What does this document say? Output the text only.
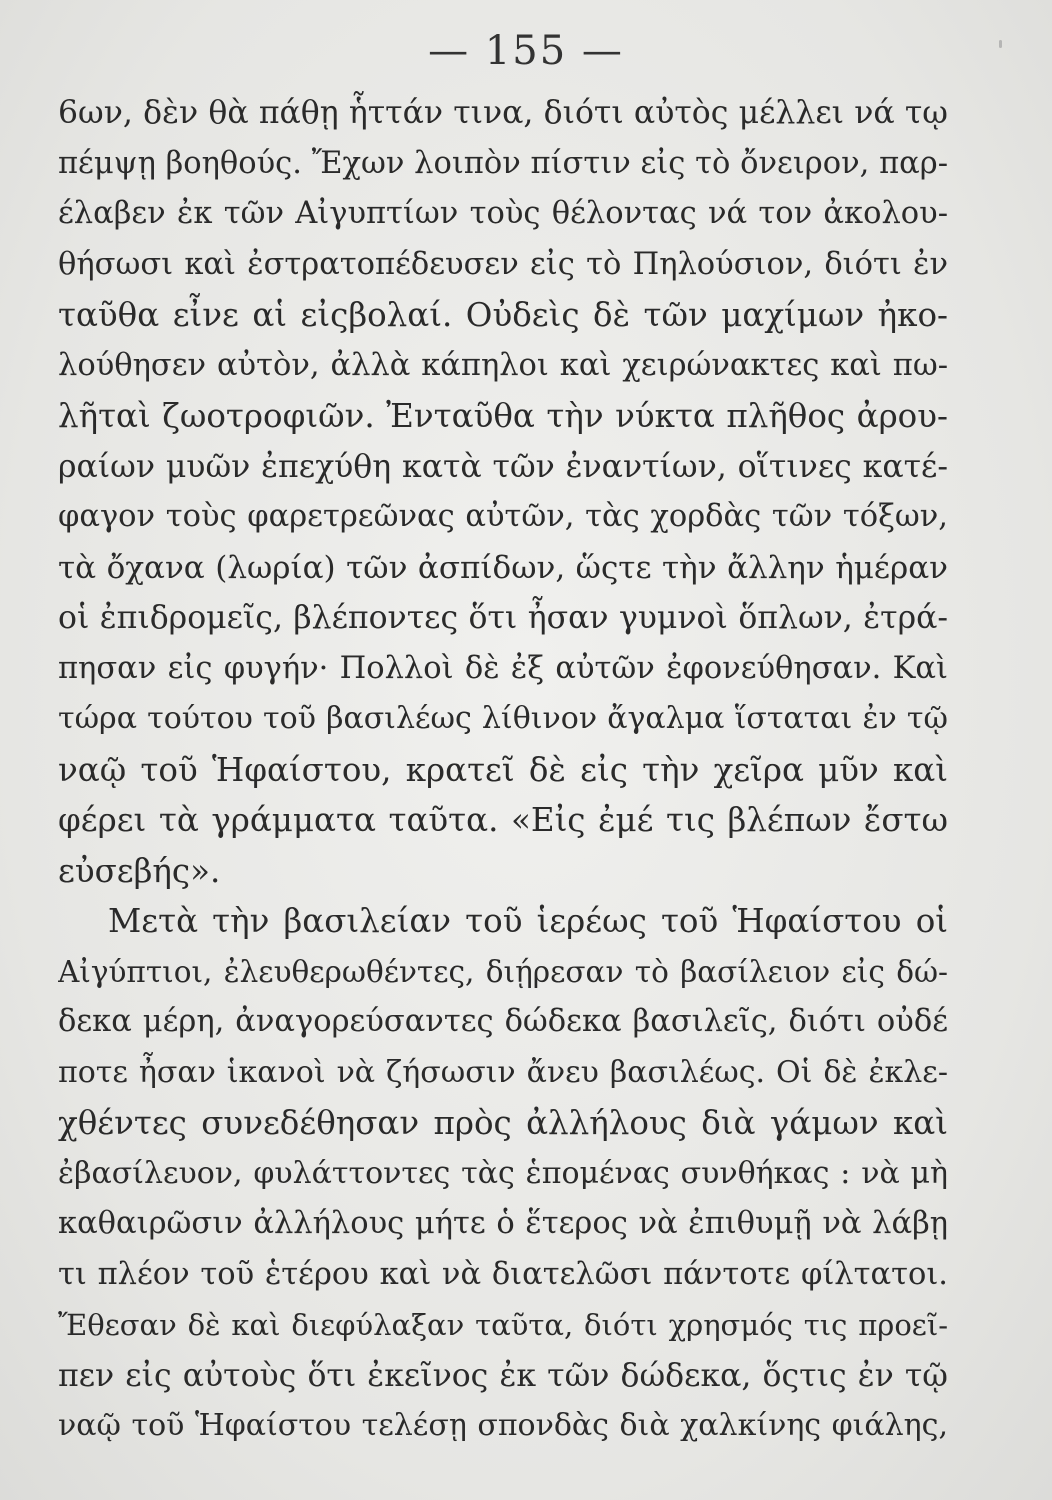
— 155 —
6ων, δὲν θὰ πάθῃ ἧττάν τινα, διότι αὐτὸς μέλλει νά τῳ
πέμψῃ βοηθούς. Ἔχων λοιπὸν πίστιν εἰς τὸ ὄνειρον, παρ-
έλαβεν ἐκ τῶν Αἰγυπτίων τοὺς θέλοντας νά τον ἀκολου-
θήσωσι καὶ ἐστρατοπέδευσεν εἰς τὸ Πηλούσιον, διότι ἐν
ταῦθα εἶνε αἱ εἰςβολαί. Οὐδεὶς δὲ τῶν μαχίμων ἠκο-
λούθησεν αὐτὸν, ἀλλὰ κάπηλοι καὶ χειρώνακτες καὶ πω-
λῆταὶ ζωοτροφιῶν. Ἐνταῦθα τὴν νύκτα πλῆθος ἀρου-
ραίων μυῶν ἐπεχύθη κατὰ τῶν ἐναντίων, οἵτινες κατέ-
φαγον τοὺς φαρετρεῶνας αὐτῶν, τὰς χορδὰς τῶν τόξων,
τὰ ὄχανα (λωρία) τῶν ἀσπίδων, ὥςτε τὴν ἄλλην ἡμέραν
οἱ ἐπιδρομεῖς, βλέποντες ὅτι ἦσαν γυμνοὶ ὅπλων, ἐτρά-
πησαν εἰς φυγήν· Πολλοὶ δὲ ἐξ αὐτῶν ἐφονεύθησαν. Καὶ
τώρα τούτου τοῦ βασιλέως λίθινον ἄγαλμα ἵσταται ἐν τῷ
ναῷ τοῦ Ἡφαίστου, κρατεῖ δὲ εἰς τὴν χεῖρα μῦν καὶ
φέρει τὰ γράμματα ταῦτα. «Εἰς ἐμέ τις βλέπων ἔστω
εὐσεβής».
Μετὰ τὴν βασιλείαν τοῦ ἱερέως τοῦ Ἡφαίστου οἱ
Αἰγύπτιοι, ἐλευθερωθέντες, διῄρεσαν τὸ βασίλειον εἰς δώ-
δεκα μέρη, ἀναγορεύσαντες δώδεκα βασιλεῖς, διότι οὐδέ
ποτε ἦσαν ἱκανοὶ νὰ ζήσωσιν ἄνευ βασιλέως. Οἱ δὲ ἐκλε-
χθέντες συνεδέθησαν πρὸς ἀλλήλους διὰ γάμων καὶ
ἐβασίλευον, φυλάττοντες τὰς ἑπομένας συνθήκας : νὰ μὴ
καθαιρῶσιν ἀλλήλους μήτε ὁ ἕτερος νὰ ἐπιθυμῇ νὰ λάβῃ
τι πλέον τοῦ ἑτέρου καὶ νὰ διατελῶσι πάντοτε φίλτατοι.
Ἔθεσαν δὲ καὶ διεφύλαξαν ταῦτα, διότι χρησμός τις προεῖ-
πεν εἰς αὐτοὺς ὅτι ἐκεῖνος ἐκ τῶν δώδεκα, ὅςτις ἐν τῷ
ναῷ τοῦ Ἡφαίστου τελέσῃ σπονδὰς διὰ χαλκίνης φιάλης,
